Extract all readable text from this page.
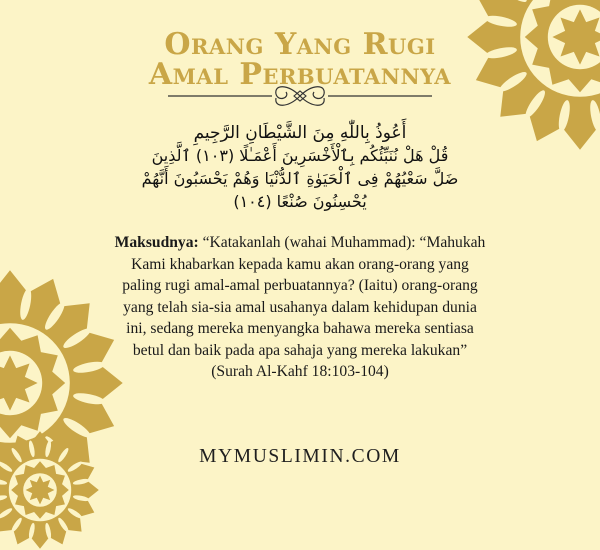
Orang Yang Rugi
Amal Perbuatannya
أَعُوذُ بِاللّٰهِ مِنَ الشَّيْطَانِ الرَّجِيمِ
قُلْ هَلْ نُنَبِّئُكُم بِٱلْأَخْسَرِينَ أَعْمَـٰلًا (١٠٣) ٱلَّذِينَ ضَلَّ سَعْيُهُمْ فِى ٱلْحَيَوٰةِ ٱلدُّنْيَا وَهُمْ يَحْسَبُونَ أَنَّهُمْ يُحْسِنُونَ صُنْعًا (١٠٤)
Maksudnya: “Katakanlah (wahai Muhammad): “Mahukah Kami khabarkan kepada kamu akan orang-orang yang paling rugi amal-amal perbuatannya? (Iaitu) orang-orang yang telah sia-sia amal usahanya dalam kehidupan dunia ini, sedang mereka menyangka bahawa mereka sentiasa betul dan baik pada apa sahaja yang mereka lakukan”
(Surah Al-Kahf 18:103-104)
MYMUSLIMIN.COM
